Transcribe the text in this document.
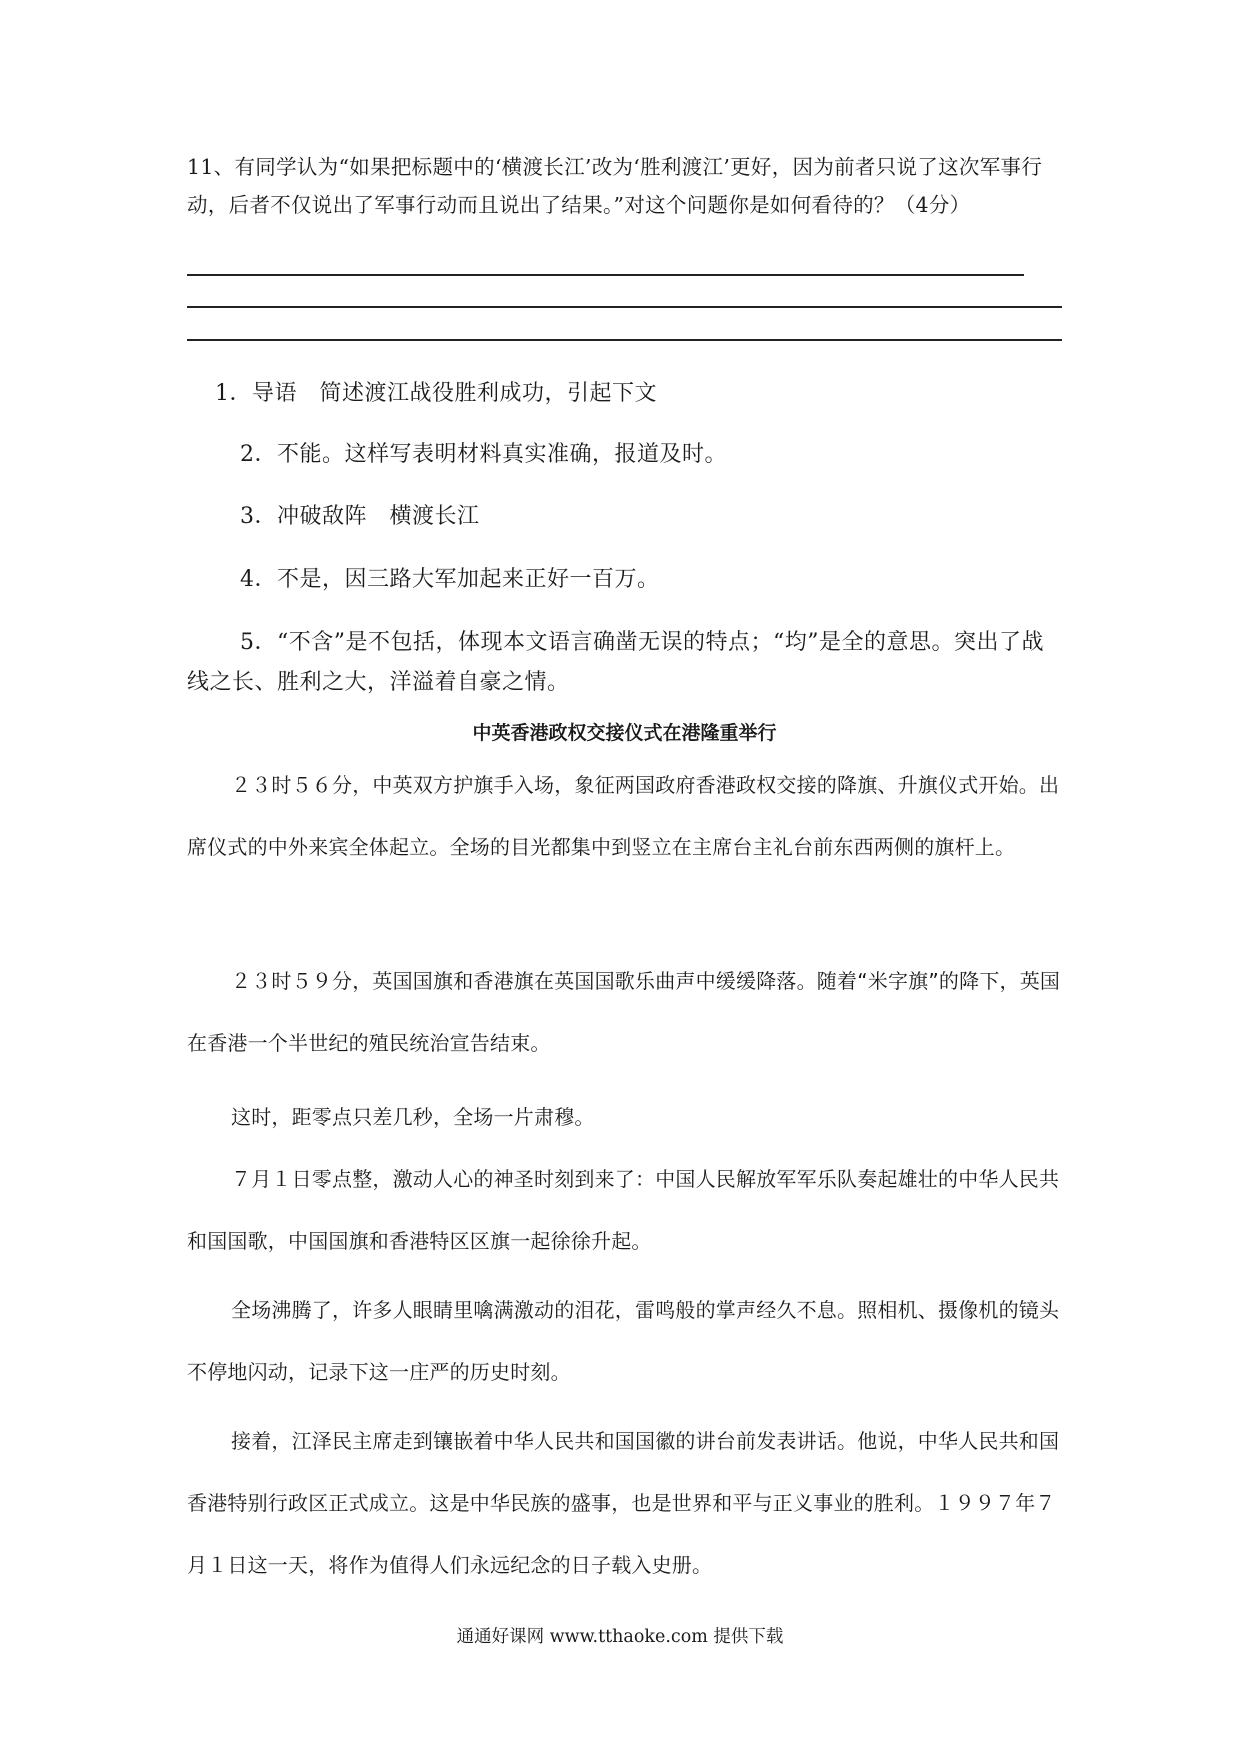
11、有同学认为“如果把标题中的‘横渡长江’改为‘胜利渡江’更好，因为前者只说了这次军事行动，后者不仅说出了军事行动而且说出了结果。”对这个问题你是如何看待的？（4分）

1．导语　简述渡江战役胜利成功，引起下文

2．不能。这样写表明材料真实准确，报道及时。

3．冲破敌阵　横渡长江

4．不是，因三路大军加起来正好一百万。

5．“不含”是不包括，体现本文语言确凿无误的特点；“均”是全的意思。突出了战线之长、胜利之大，洋溢着自豪之情。

中英香港政权交接仪式在港隆重举行

２３时５６分，中英双方护旗手入场，象征两国政府香港政权交接的降旗、升旗仪式开始。出席仪式的中外来宾全体起立。全场的目光都集中到竖立在主席台主礼台前东西两侧的旗杆上。

２３时５９分，英国国旗和香港旗在英国国歌乐曲声中缓缓降落。随着“米字旗”的降下，英国在香港一个半世纪的殖民统治宣告结束。

这时，距零点只差几秒，全场一片肃穆。

７月１日零点整，激动人心的神圣时刻到来了：中国人民解放军军乐队奏起雄壮的中华人民共和国国歌，中国国旗和香港特区区旗一起徐徐升起。

全场沸腾了，许多人眼睛里噙满激动的泪花，雷鸣般的掌声经久不息。照相机、摄像机的镜头不停地闪动，记录下这一庄严的历史时刻。

接着，江泽民主席走到镶嵌着中华人民共和国国徽的讲台前发表讲话。他说，中华人民共和国香港特别行政区正式成立。这是中华民族的盛事，也是世界和平与正义事业的胜利。１９９７年７月１日这一天，将作为值得人们永远纪念的日子载入史册。

通通好课网 www.tthaoke.com 提供下载
